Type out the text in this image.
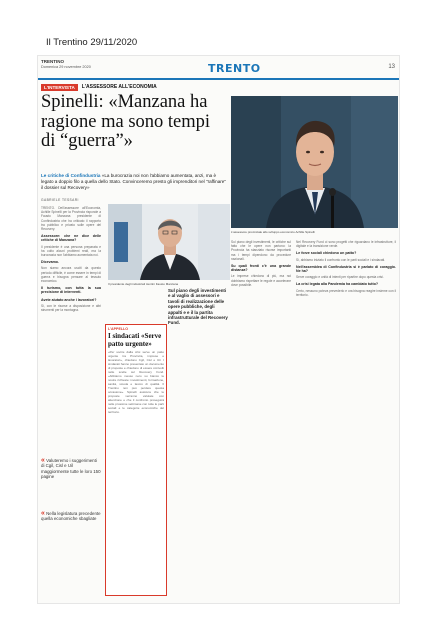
Il Trentino 29/11/2020
TRENTINO
Domenica 29 novembre 2020	TRENTO	13
L'INTERVISTA	L'ASSESSORE ALL'ECONOMIA
Spinelli: «Manzana ha ragione ma sono tempi di “guerra”»
L'assessore provinciale allo sviluppo economico Achille Spinelli
Le critiche di Confindustria «La burocrazia noi non l'abbiamo aumentata, anzi, ma è legato a doppio filo a quella dello Stato. Convinceremo presto gli imprenditori nel "raffinare" il dossier sul Recovery»
GABRIELE TESSARI

TRENTO. Dell'assessore all'Economia, Achille Spinelli per la Provincia risponde a Fausto Manzana presidente di Confindustria che ha criticato il rapporto tra pubblico e privato sulle opere del Recovery.

Assessore: che ne dice delle critiche di Manzana?

Il presidente è una persona preparata e ha colto alcuni problemi reali, ma la burocrazia non l'abbiamo aumentata noi.

Dicevamo.

Non siamo ancora usciti da questo periodo difficile, è come essere in tempi di guerra e bisogna pensare al tessuto economico.

Il turismo, con tutta la sua precisione di interventi.
Avete aiutato anche i lavoratori?

Sì, con le risorse a disposizione e altri strumenti per la montagna.

« Valuteremo i suggerimenti di Cgil, Cisl e Uil maggiormente tutte le loro 150 pagine
« Nella legislatura precedente quella economiche sbagliate
Il presidente degli industriali trentini Fausto Manzana
Sul piano degli investimenti e al vaglio di assessori e tavoli di realizzazione delle opere pubbliche, degli appalti e e il la partita infrastrutturale del Recovery Fund.
L'APPELLO
I sindacati «Serve patto urgente»
«Per uscire dalla crisi serve un patto urgente tra Provincia, imprese e lavoratori», chiedono Cgil, Cisl e Uil. I sindacati hanno presentato un documento di proposte e chiedono di essere coinvolti nelle scelte sul Recovery Fund. «Abbiamo messo nero su bianco le nostre richieste: investimenti, formazione, sanità, scuola e lavoro di qualità. Il Trentino non può perdere questa occasione». Spinelli assicura che le proposte verranno valutate con attenzione e che il confronto proseguirà nelle prossime settimane con tutte le parti sociali e le categorie economiche del territorio.

Sul piano degli investimenti, le critiche sul fatto che le opere non partono: la Provincia ha stanziato risorse importanti ma i tempi dipendono da procedure nazionali.

Su quali fronti c'è una grande distanza?

Le imprese chiedono di più, ma noi dobbiamo rispettare le regole e accelerare dove possibile.

Nel Recovery Fund ci sono progetti che riguardano le infrastrutture, il digitale e la transizione verde.

Le forze sociali chiedono un patto?

Sì, abbiamo iniziato il confronto con le parti sociali e i sindacati.

Nell'assemblea di Confindustria si è parlato di coraggio. Ne ha?

Serve coraggio e unità di intenti per ripartire dopo questa crisi.

La crisi legata alla Pandemia ha cambiato tutto?

Certo, nessuno poteva prevederlo e ora bisogna reagire insieme con il territorio.
